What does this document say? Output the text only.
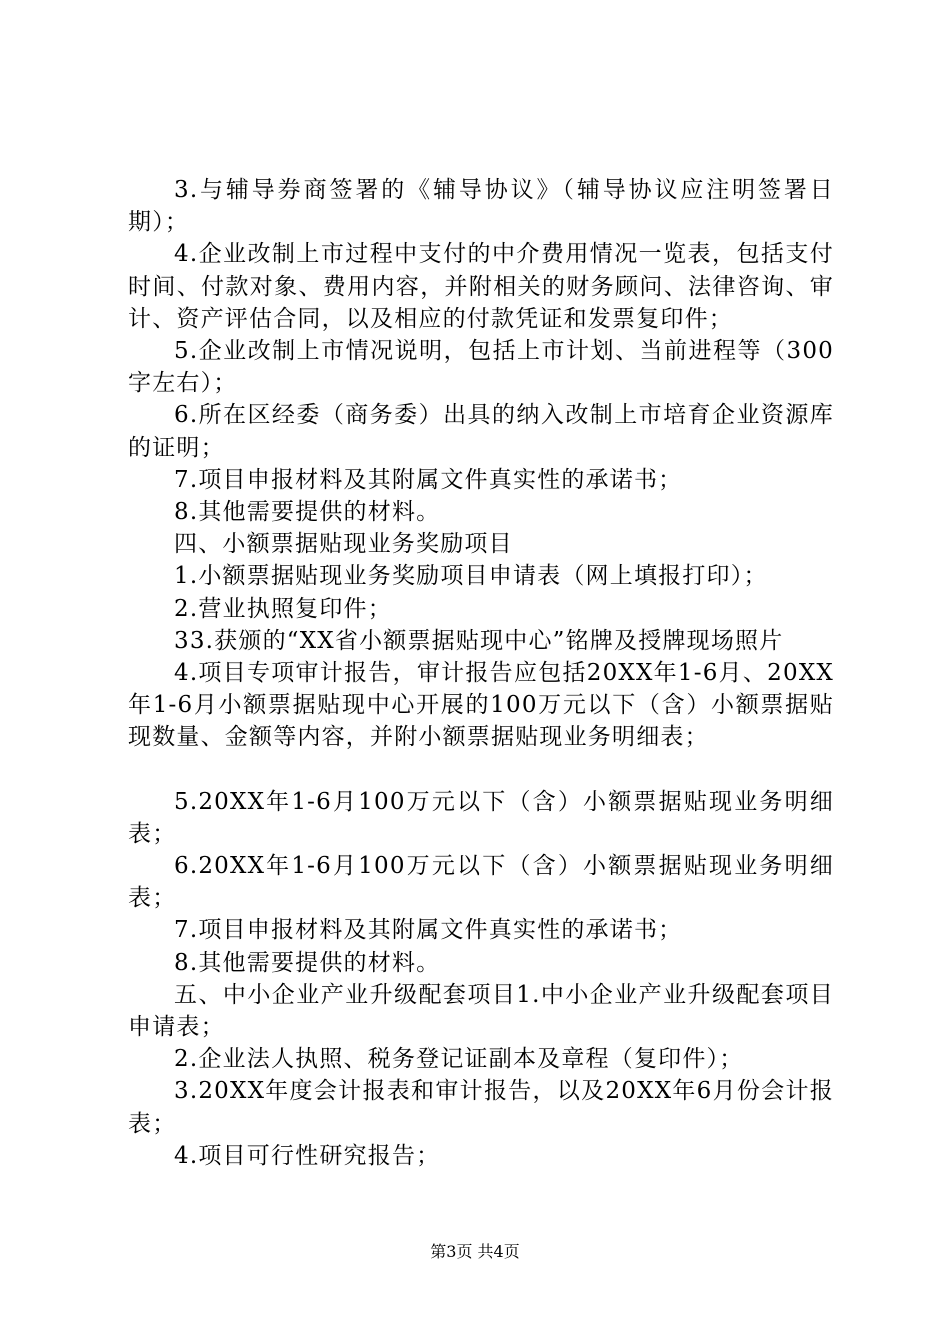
3.与辅导券商签署的《辅导协议》（辅导协议应注明签署日期）；

4.企业改制上市过程中支付的中介费用情况一览表，包括支付时间、付款对象、费用内容，并附相关的财务顾问、法律咨询、审计、资产评估合同，以及相应的付款凭证和发票复印件；

5.企业改制上市情况说明，包括上市计划、当前进程等（300字左右）；

6.所在区经委（商务委）出具的纳入改制上市培育企业资源库的证明；

7.项目申报材料及其附属文件真实性的承诺书；

8.其他需要提供的材料。

四、小额票据贴现业务奖励项目

1.小额票据贴现业务奖励项目申请表（网上填报打印）；

2.营业执照复印件；

33.获颁的“XX省小额票据贴现中心”铭牌及授牌现场照片

4.项目专项审计报告，审计报告应包括20XX年1-6月、20XX年1-6月小额票据贴现中心开展的100万元以下（含）小额票据贴现数量、金额等内容，并附小额票据贴现业务明细表；

5.20XX年1-6月100万元以下（含）小额票据贴现业务明细表；

6.20XX年1-6月100万元以下（含）小额票据贴现业务明细表；

7.项目申报材料及其附属文件真实性的承诺书；

8.其他需要提供的材料。

五、中小企业产业升级配套项目1.中小企业产业升级配套项目申请表；

2.企业法人执照、税务登记证副本及章程（复印件）；

3.20XX年度会计报表和审计报告，以及20XX年6月份会计报表；

4.项目可行性研究报告；

第3页 共4页
